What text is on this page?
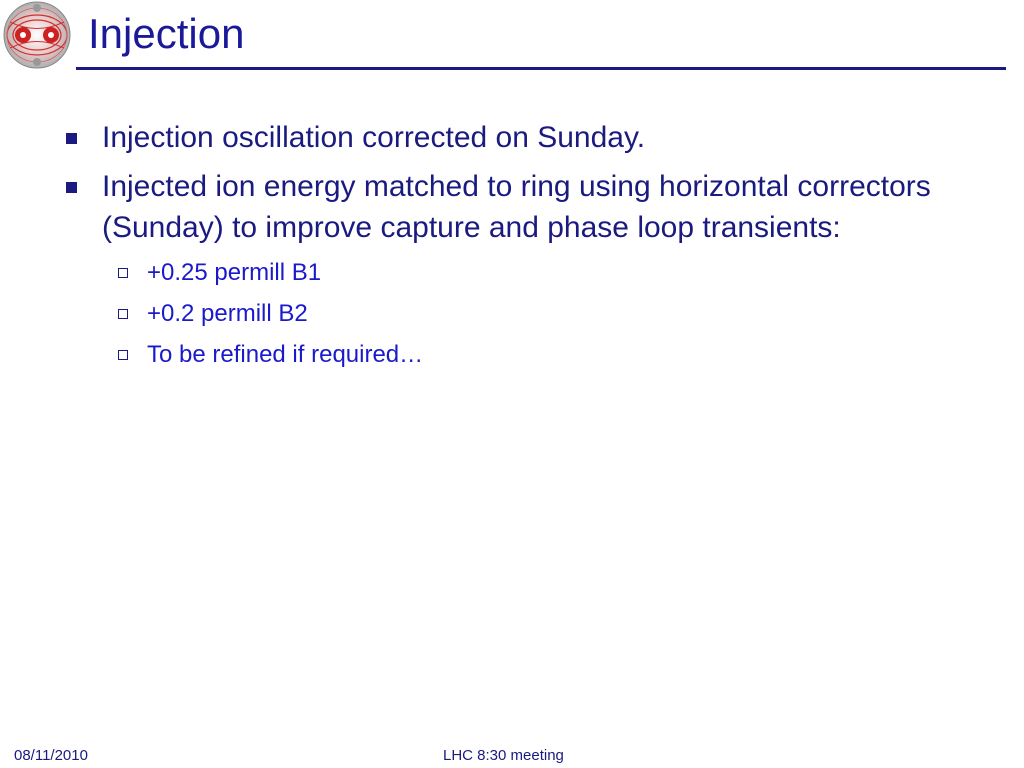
Injection
Injection oscillation corrected on Sunday.
Injected ion energy matched to ring using horizontal correctors (Sunday) to improve capture and phase loop transients:
+0.25 permill B1
+0.2 permill B2
To be refined if required…
08/11/2010	LHC 8:30 meeting
